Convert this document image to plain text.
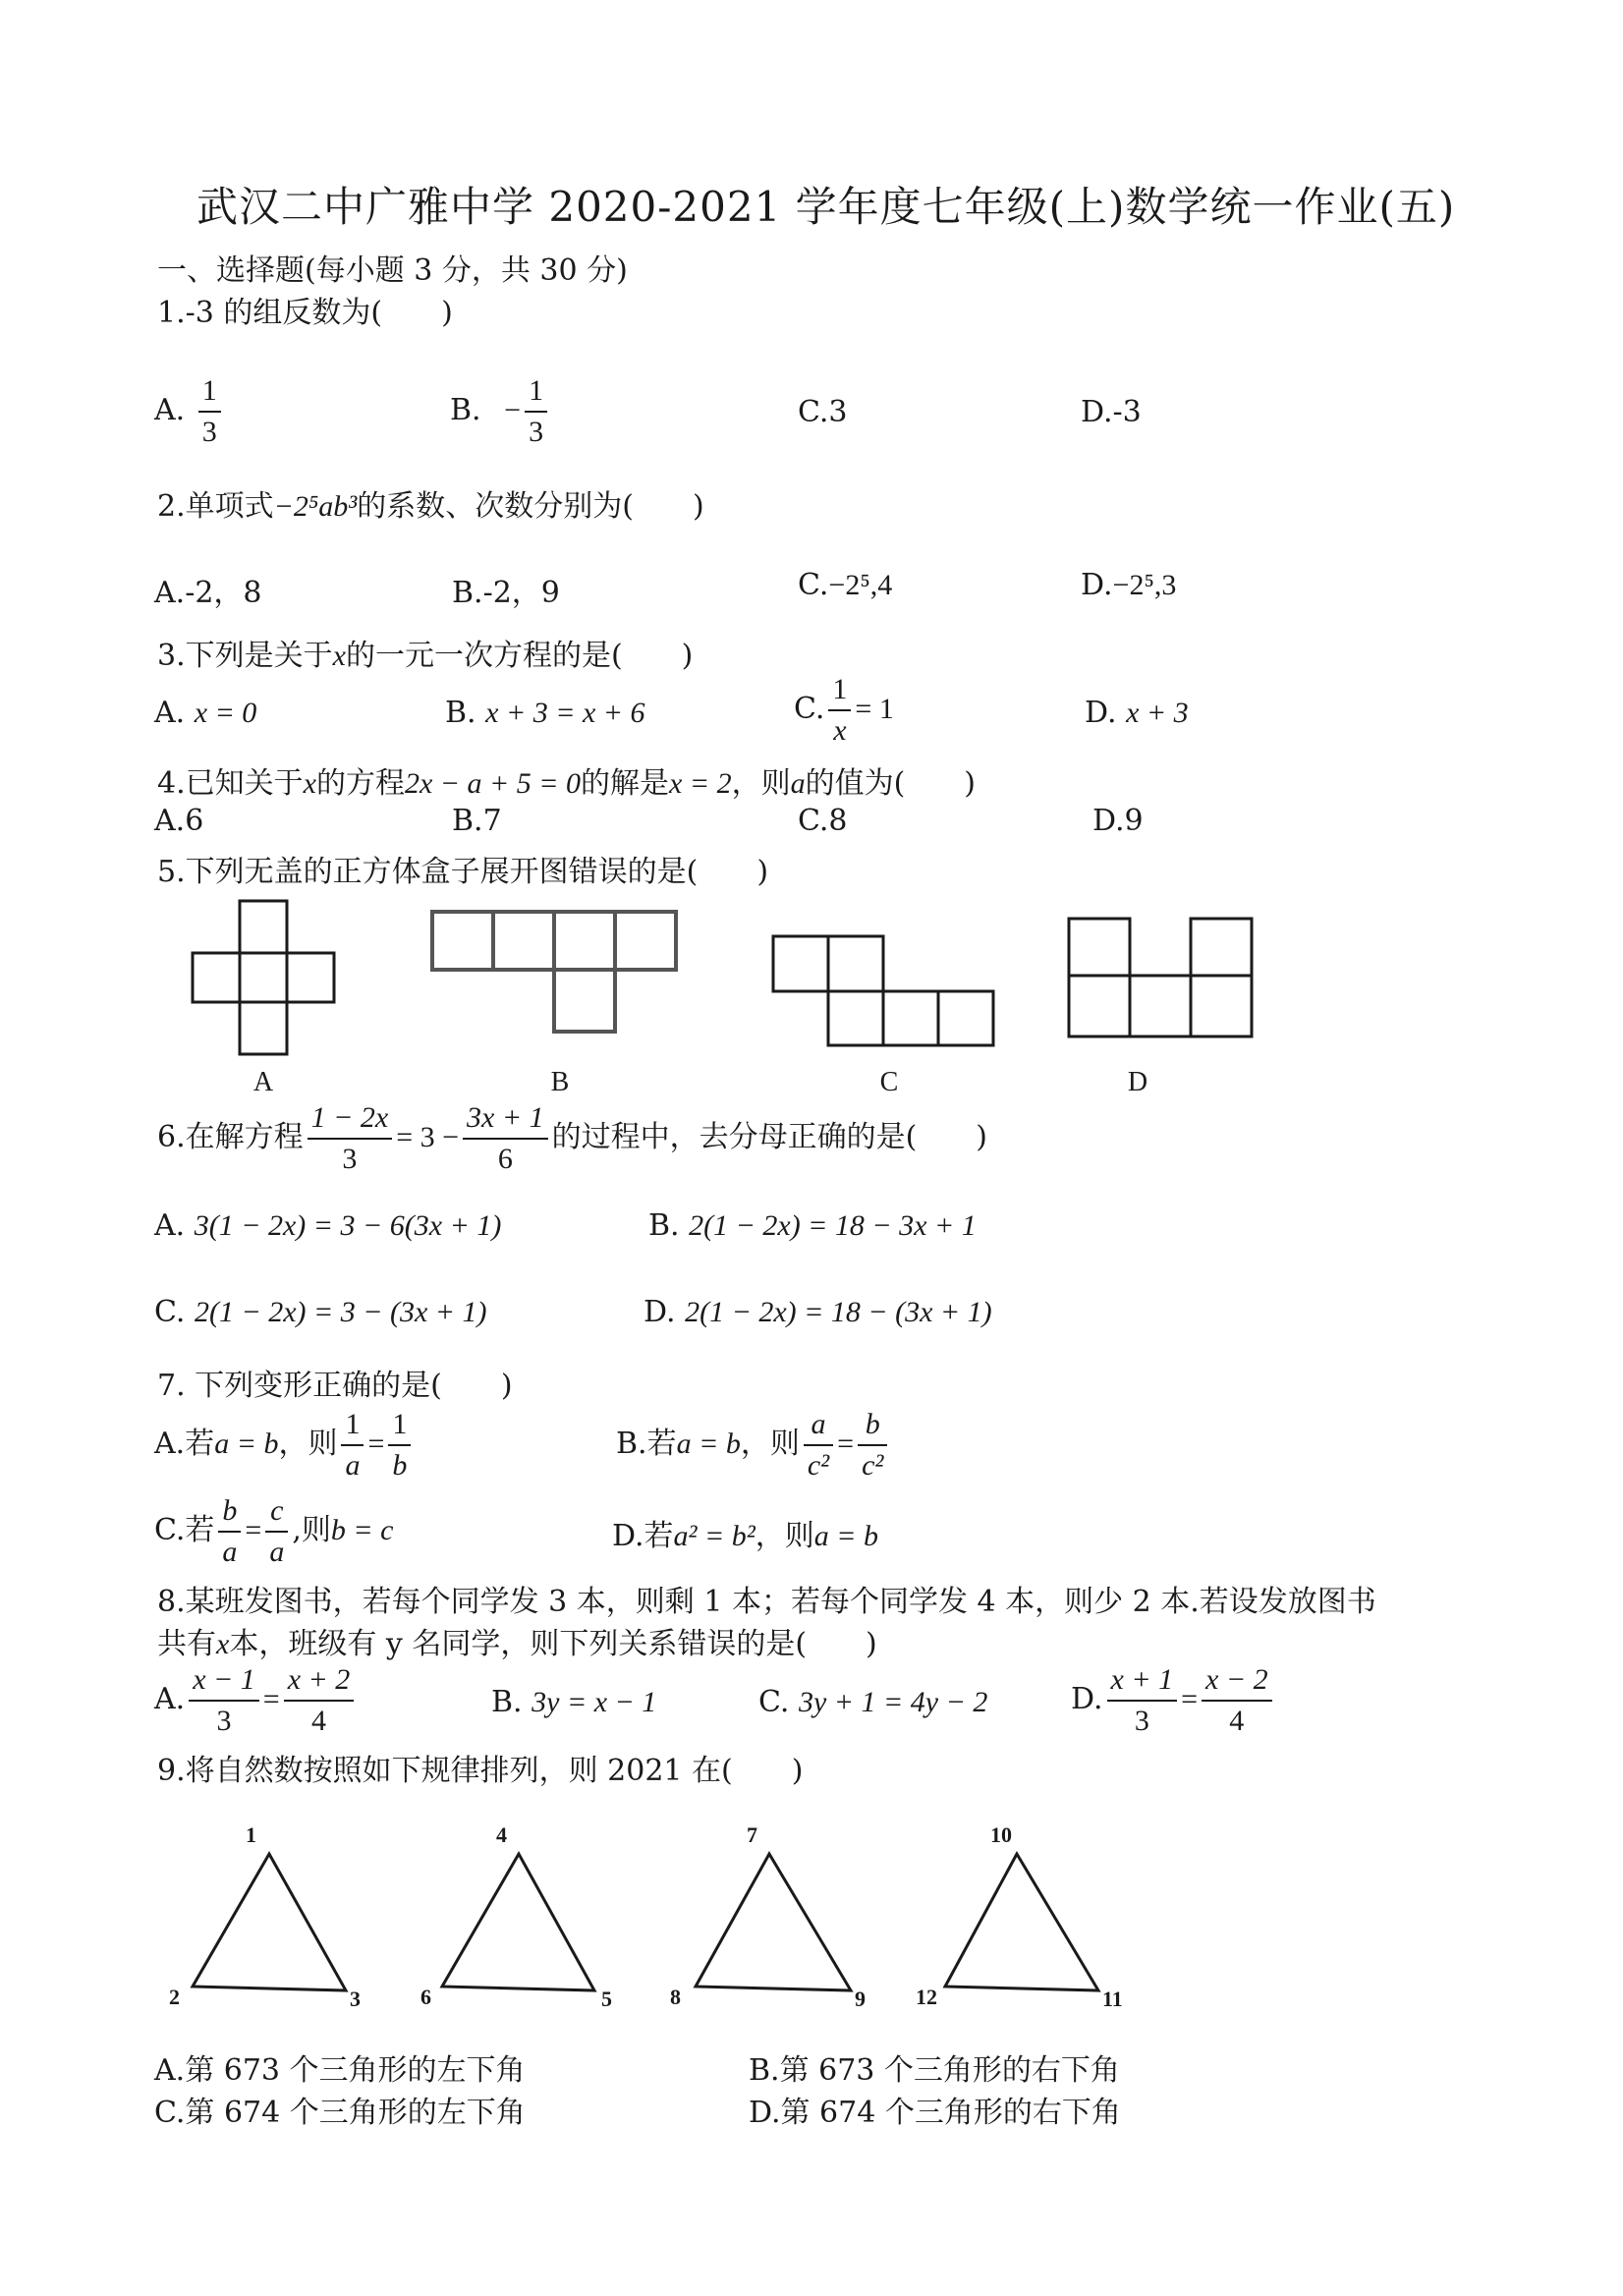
武汉二中广雅中学 2020-2021 学年度七年级(上)数学统一作业(五)
一、选择题(每小题 3 分，共 30 分)
1.-3 的组反数为(　　)
A. $\frac{1}{3}$	B. − $\frac{1}{3}$	C.3	D.-3
2.单项式−2⁵ab³的系数、次数分别为(　　)
A.-2，8	B.-2，9	C.−2⁵,4	D.−2⁵,3
3.下列是关于x的一元一次方程的是(　　)
A. x = 0	B. x + 3 = x + 6	C. $\frac{1}{x} = 1$	D. x + 3
4.已知关于x的方程2x − a + 5 = 0的解是x = 2，则a的值为(　　)
A.6	B.7	C.8	D.9
5.下列无盖的正方体盒子展开图错误的是(　　)
A	B	C	D
6.在解方程 $\frac{1 - 2x}{3} = 3 - \frac{3x + 1}{6}$ 的过程中，去分母正确的是(　　)
A. 3(1 − 2x) = 3 − 6(3x + 1)	B. 2(1 − 2x) = 18 − 3x + 1
C. 2(1 − 2x) = 3 − (3x + 1)	D. 2(1 − 2x) = 18 − (3x + 1)
7. 下列变形正确的是(　　)
A.若a = b，则 $\frac{1}{a} = \frac{1}{b}$	B.若a = b，则 $\frac{a}{\text{c²}} = \frac{b}{\text{c²}}$
C.若 $\frac{b}{a} = \frac{c}{a}$ ,则b = c	D.若a² = b²，则a = b
8.某班发图书，若每个同学发 3 本，则剩 1 本；若每个同学发 4 本，则少 2 本.若设发放图书
共有x本，班级有 y 名同学，则下列关系错误的是(　　)
A. $\frac{x - 1}{3} = \frac{x + 2}{4}$	B. 3y = x − 1	C. 3y + 1 = 4y − 2	D. $\frac{x + 1}{3} = \frac{x - 2}{4}$
9.将自然数按照如下规律排列，则 2021 在(　　)
1
2	3
4
6	5
7
8	9
10
12	11
A.第 673 个三角形的左下角	B.第 673 个三角形的右下角
C.第 674 个三角形的左下角	D.第 674 个三角形的右下角
